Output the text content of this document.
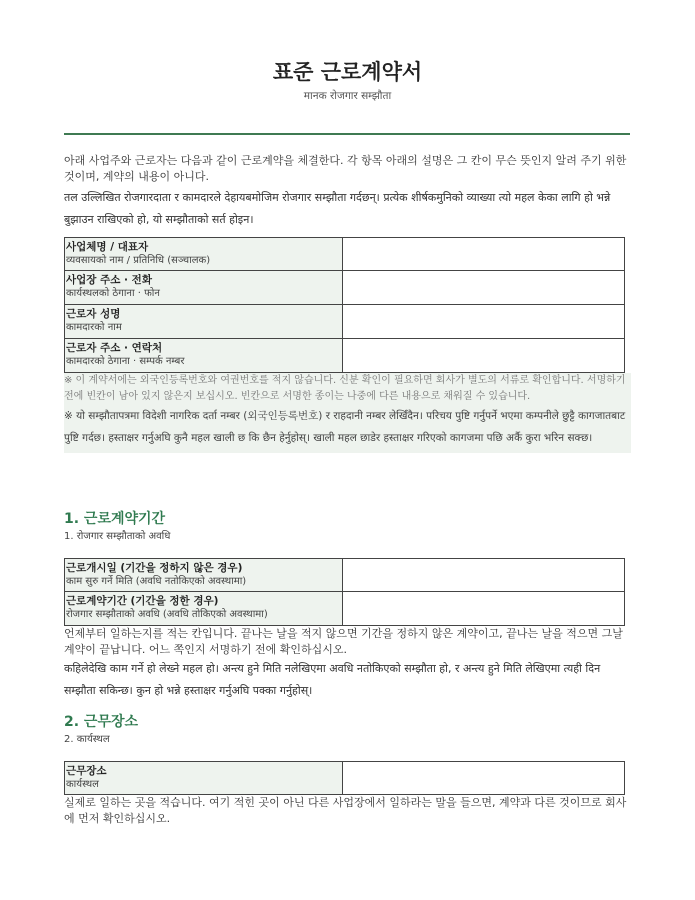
표준 근로계약서
मानक रोजगार सम्झौता

아래 사업주와 근로자는 다음과 같이 근로계약을 체결한다. 각 항목 아래의 설명은 그 칸이 무슨 뜻인지 알려 주기 위한 것이며, 계약의 내용이 아니다.

तल उल्लिखित रोजगारदाता र कामदारले देहायबमोजिम रोजगार सम्झौता गर्दछन्। प्रत्येक शीर्षकमुनिको व्याख्या त्यो महल केका लागि हो भन्ने बुझाउन राखिएको हो, यो सम्झौताको सर्त होइन।

사업체명 / 대표자
व्यवसायको नाम / प्रतिनिधि (सञ्चालक)	

사업장 주소 · 전화
कार्यस्थलको ठेगाना · फोन	

근로자 성명
कामदारको नाम	

근로자 주소 · 연락처
कामदारको ठेगाना · सम्पर्क नम्बर	

※ 이 계약서에는 외국인등록번호와 여권번호를 적지 않습니다. 신분 확인이 필요하면 회사가 별도의 서류로 확인합니다. 서명하기 전에 빈칸이 남아 있지 않은지 보십시오. 빈칸으로 서명한 종이는 나중에 다른 내용으로 채워질 수 있습니다.

※ यो सम्झौतापत्रमा विदेशी नागरिक दर्ता नम्बर (외국인등록번호) र राहदानी नम्बर लेखिँदैन। परिचय पुष्टि गर्नुपर्ने भएमा कम्पनीले छुट्टै कागजातबाट पुष्टि गर्दछ। हस्ताक्षर गर्नुअघि कुनै महल खाली छ कि छैन हेर्नुहोस्। खाली महल छाडेर हस्ताक्षर गरिएको कागजमा पछि अर्कै कुरा भरिन सक्छ।

1. 근로계약기간

1. रोजगार सम्झौताको अवधि

근로개시일 (기간을 정하지 않은 경우)
काम सुरु गर्ने मिति (अवधि नतोकिएको अवस्थामा)	

근로계약기간 (기간을 정한 경우)
रोजगार सम्झौताको अवधि (अवधि तोकिएको अवस्थामा)	

언제부터 일하는지를 적는 칸입니다. 끝나는 날을 적지 않으면 기간을 정하지 않은 계약이고, 끝나는 날을 적으면 그날 계약이 끝납니다. 어느 쪽인지 서명하기 전에 확인하십시오.

कहिलेदेखि काम गर्ने हो लेख्ने महल हो। अन्त्य हुने मिति नलेखिएमा अवधि नतोकिएको सम्झौता हो, र अन्त्य हुने मिति लेखिएमा त्यही दिन सम्झौता सकिन्छ। कुन हो भन्ने हस्ताक्षर गर्नुअघि पक्का गर्नुहोस्।

2. 근무장소

2. कार्यस्थल

근무장소
कार्यस्थल

실제로 일하는 곳을 적습니다. 여기 적힌 곳이 아닌 다른 사업장에서 일하라는 말을 들으면, 계약과 다른 것이므로 회사에 먼저 확인하십시오.
